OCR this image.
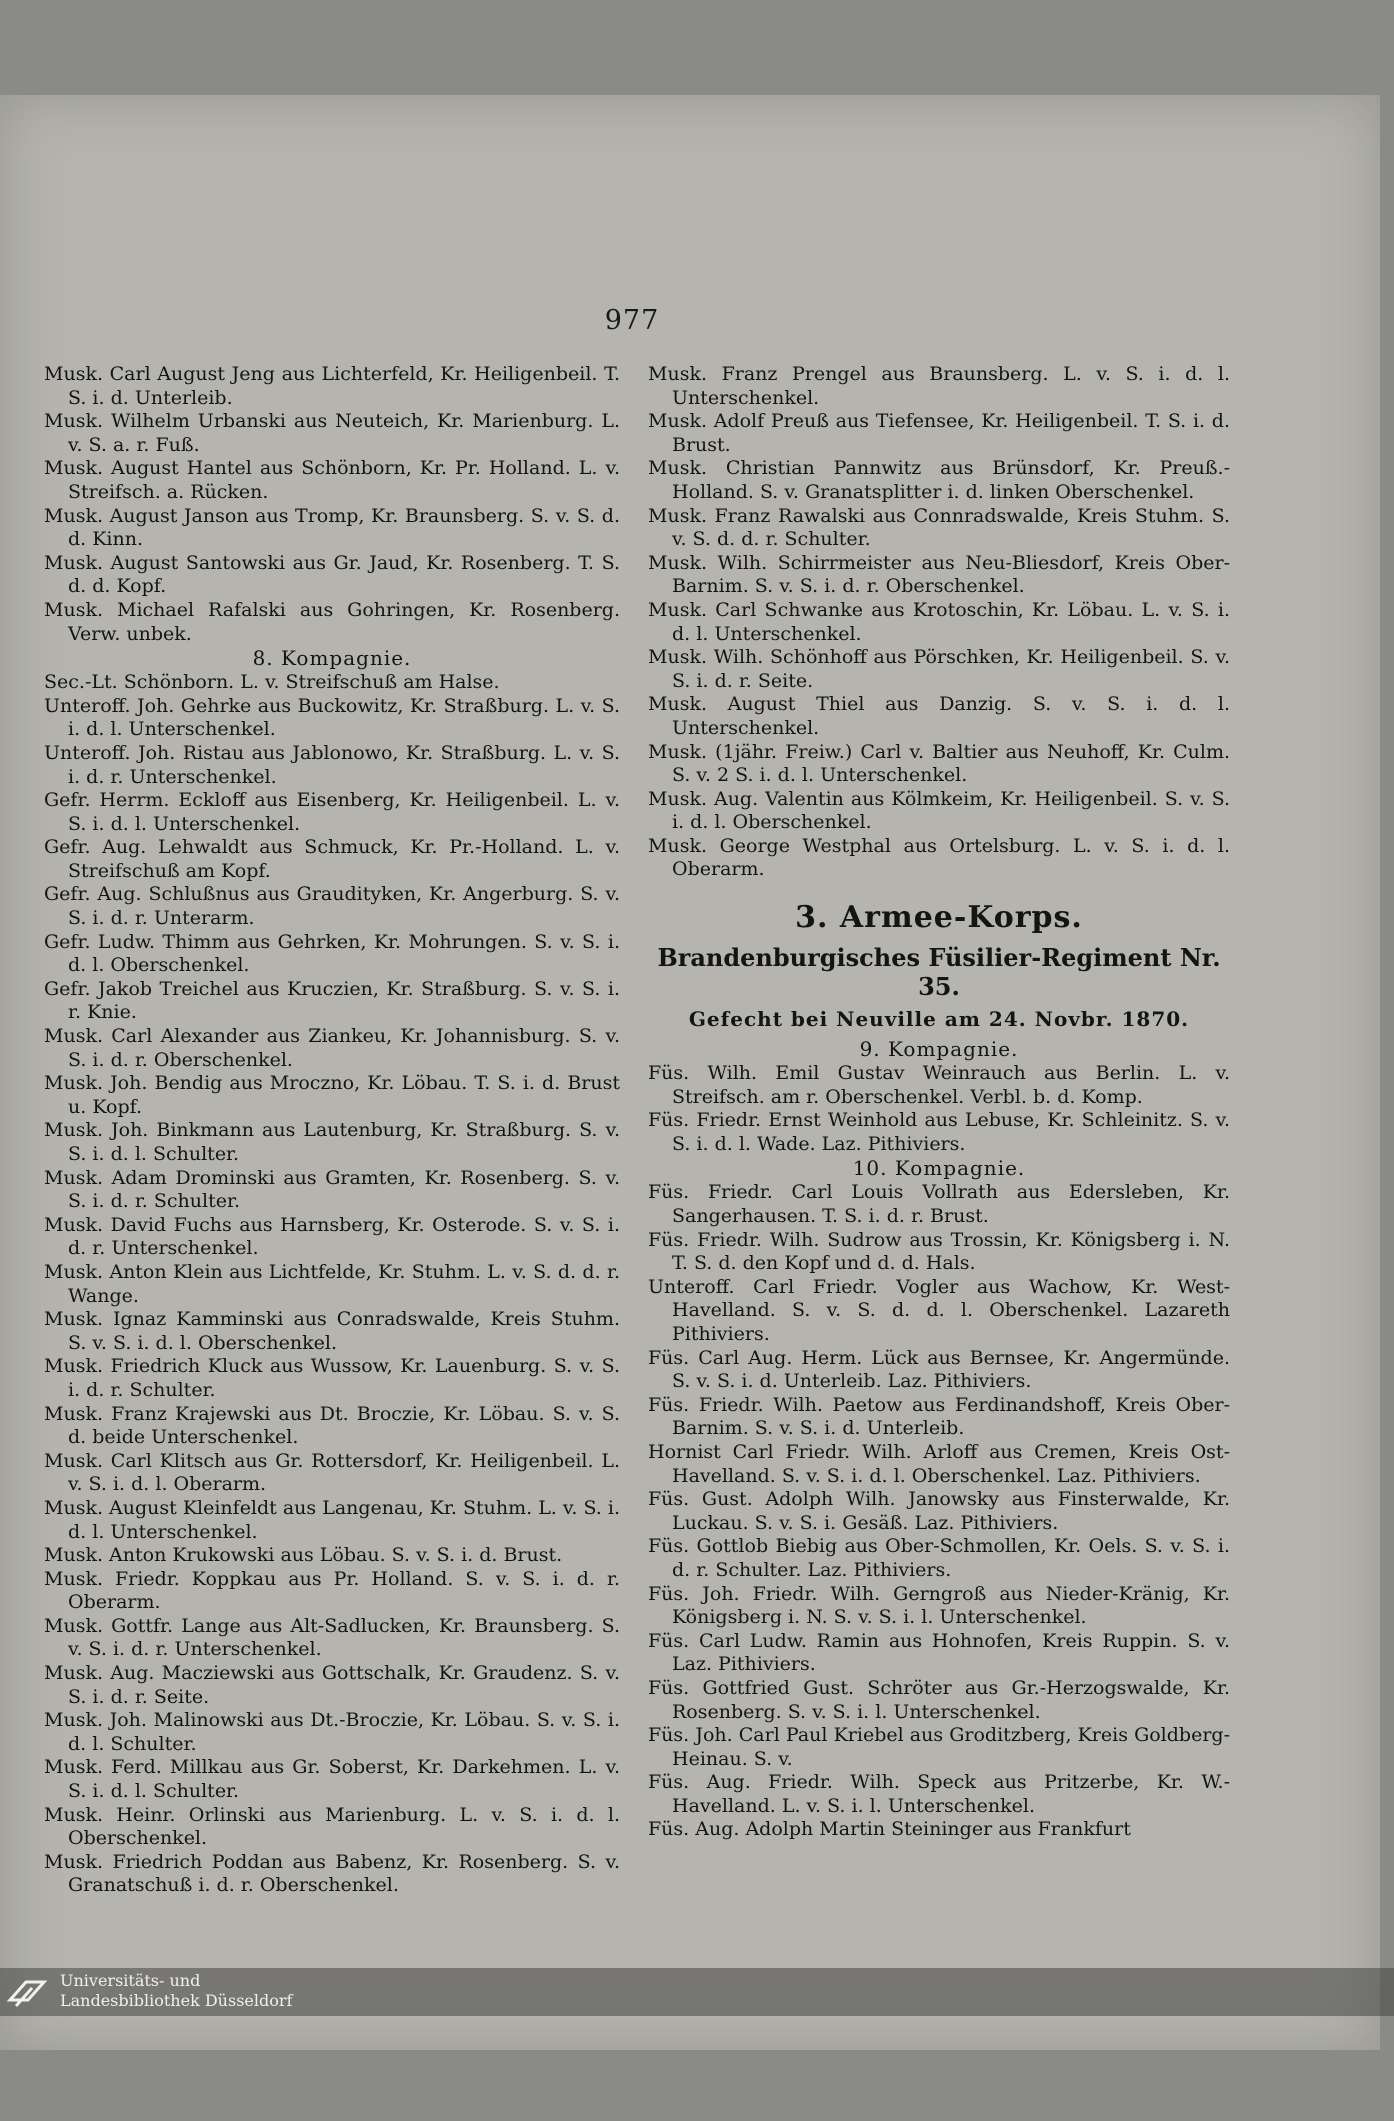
977

Musk. Carl August Jeng aus Lichterfeld, Kr. Heiligenbeil. T. S. i. d. Unterleib.

Musk. Wilhelm Urbanski aus Neuteich, Kr. Marienburg. L. v. S. a. r. Fuß.

Musk. August Hantel aus Schönborn, Kr. Pr. Holland. L. v. Streifsch. a. Rücken.

Musk. August Janson aus Tromp, Kr. Braunsberg. S. v. S. d. d. Kinn.

Musk. August Santowski aus Gr. Jaud, Kr. Rosenberg. T. S. d. d. Kopf.

Musk. Michael Rafalski aus Gohringen, Kr. Rosenberg. Verw. unbek.

8. Kompagnie.

Sec.-Lt. Schönborn. L. v. Streifschuß am Halse.

Unteroff. Joh. Gehrke aus Buckowitz, Kr. Straßburg. L. v. S. i. d. l. Unterschenkel.

Unteroff. Joh. Ristau aus Jablonowo, Kr. Straßburg. L. v. S. i. d. r. Unterschenkel.

Gefr. Herrm. Eckloff aus Eisenberg, Kr. Heiligenbeil. L. v. S. i. d. l. Unterschenkel.

Gefr. Aug. Lehwaldt aus Schmuck, Kr. Pr.-Holland. L. v. Streifschuß am Kopf.

Gefr. Aug. Schlußnus aus Graudityken, Kr. Angerburg. S. v. S. i. d. r. Unterarm.

Gefr. Ludw. Thimm aus Gehrken, Kr. Mohrungen. S. v. S. i. d. l. Oberschenkel.

Gefr. Jakob Treichel aus Kruczien, Kr. Straßburg. S. v. S. i. r. Knie.

Musk. Carl Alexander aus Ziankeu, Kr. Johannisburg. S. v. S. i. d. r. Oberschenkel.

Musk. Joh. Bendig aus Mroczno, Kr. Löbau. T. S. i. d. Brust u. Kopf.

Musk. Joh. Binkmann aus Lautenburg, Kr. Straßburg. S. v. S. i. d. l. Schulter.

Musk. Adam Drominski aus Gramten, Kr. Rosenberg. S. v. S. i. d. r. Schulter.

Musk. David Fuchs aus Harnsberg, Kr. Osterode. S. v. S. i. d. r. Unterschenkel.

Musk. Anton Klein aus Lichtfelde, Kr. Stuhm. L. v. S. d. d. r. Wange.

Musk. Ignaz Kamminski aus Conradswalde, Kreis Stuhm. S. v. S. i. d. l. Oberschenkel.

Musk. Friedrich Kluck aus Wussow, Kr. Lauenburg. S. v. S. i. d. r. Schulter.

Musk. Franz Krajewski aus Dt. Broczie, Kr. Löbau. S. v. S. d. beide Unterschenkel.

Musk. Carl Klitsch aus Gr. Rottersdorf, Kr. Heiligenbeil. L. v. S. i. d. l. Oberarm.

Musk. August Kleinfeldt aus Langenau, Kr. Stuhm. L. v. S. i. d. l. Unterschenkel.

Musk. Anton Krukowski aus Löbau. S. v. S. i. d. Brust.

Musk. Friedr. Koppkau aus Pr. Holland. S. v. S. i. d. r. Oberarm.

Musk. Gottfr. Lange aus Alt-Sadlucken, Kr. Braunsberg. S. v. S. i. d. r. Unterschenkel.

Musk. Aug. Macziewski aus Gottschalk, Kr. Graudenz. S. v. S. i. d. r. Seite.

Musk. Joh. Malinowski aus Dt.-Broczie, Kr. Löbau. S. v. S. i. d. l. Schulter.

Musk. Ferd. Millkau aus Gr. Soberst, Kr. Darkehmen. L. v. S. i. d. l. Schulter.

Musk. Heinr. Orlinski aus Marienburg. L. v. S. i. d. l. Oberschenkel.

Musk. Friedrich Poddan aus Babenz, Kr. Rosenberg. S. v. Granatschuß i. d. r. Oberschenkel.

Musk. Franz Prengel aus Braunsberg. L. v. S. i. d. l. Unterschenkel.

Musk. Adolf Preuß aus Tiefensee, Kr. Heiligenbeil. T. S. i. d. Brust.

Musk. Christian Pannwitz aus Brünsdorf, Kr. Preuß.-Holland. S. v. Granatsplitter i. d. linken Oberschenkel.

Musk. Franz Rawalski aus Connradswalde, Kreis Stuhm. S. v. S. d. d. r. Schulter.

Musk. Wilh. Schirrmeister aus Neu-Bliesdorf, Kreis Ober-Barnim. S. v. S. i. d. r. Oberschenkel.

Musk. Carl Schwanke aus Krotoschin, Kr. Löbau. L. v. S. i. d. l. Unterschenkel.

Musk. Wilh. Schönhoff aus Pörschken, Kr. Heiligenbeil. S. v. S. i. d. r. Seite.

Musk. August Thiel aus Danzig. S. v. S. i. d. l. Unterschenkel.

Musk. (1jähr. Freiw.) Carl v. Baltier aus Neuhoff, Kr. Culm. S. v. 2 S. i. d. l. Unterschenkel.

Musk. Aug. Valentin aus Kölmkeim, Kr. Heiligenbeil. S. v. S. i. d. l. Oberschenkel.

Musk. George Westphal aus Ortelsburg. L. v. S. i. d. l. Oberarm.

3. Armee-Korps.

Brandenburgisches Füsilier-Regiment Nr. 35.

Gefecht bei Neuville am 24. Novbr. 1870.

9. Kompagnie.

Füs. Wilh. Emil Gustav Weinrauch aus Berlin. L. v. Streifsch. am r. Oberschenkel. Verbl. b. d. Komp.

Füs. Friedr. Ernst Weinhold aus Lebuse, Kr. Schleinitz. S. v. S. i. d. l. Wade. Laz. Pithiviers.

10. Kompagnie.

Füs. Friedr. Carl Louis Vollrath aus Edersleben, Kr. Sangerhausen. T. S. i. d. r. Brust.

Füs. Friedr. Wilh. Sudrow aus Trossin, Kr. Königsberg i. N. T. S. d. den Kopf und d. d. Hals.

Unteroff. Carl Friedr. Vogler aus Wachow, Kr. West-Havelland. S. v. S. d. d. l. Oberschenkel. Lazareth Pithiviers.

Füs. Carl Aug. Herm. Lück aus Bernsee, Kr. Angermünde. S. v. S. i. d. Unterleib. Laz. Pithiviers.

Füs. Friedr. Wilh. Paetow aus Ferdinandshoff, Kreis Ober-Barnim. S. v. S. i. d. Unterleib.

Hornist Carl Friedr. Wilh. Arloff aus Cremen, Kreis Ost-Havelland. S. v. S. i. d. l. Oberschenkel. Laz. Pithiviers.

Füs. Gust. Adolph Wilh. Janowsky aus Finsterwalde, Kr. Luckau. S. v. S. i. Gesäß. Laz. Pithiviers.

Füs. Gottlob Biebig aus Ober-Schmollen, Kr. Oels. S. v. S. i. d. r. Schulter. Laz. Pithiviers.

Füs. Joh. Friedr. Wilh. Gerngroß aus Nieder-Kränig, Kr. Königsberg i. N. S. v. S. i. l. Unterschenkel.

Füs. Carl Ludw. Ramin aus Hohnofen, Kreis Ruppin. S. v. Laz. Pithiviers.

Füs. Gottfried Gust. Schröter aus Gr.-Herzogswalde, Kr. Rosenberg. S. v. S. i. l. Unterschenkel.

Füs. Joh. Carl Paul Kriebel aus Groditzberg, Kreis Goldberg-Heinau. S. v.

Füs. Aug. Friedr. Wilh. Speck aus Pritzerbe, Kr. W.-Havelland. L. v. S. i. l. Unterschenkel.

Füs. Aug. Adolph Martin Steininger aus Frankfurt

Universitäts- und
Landesbibliothek Düsseldorf
